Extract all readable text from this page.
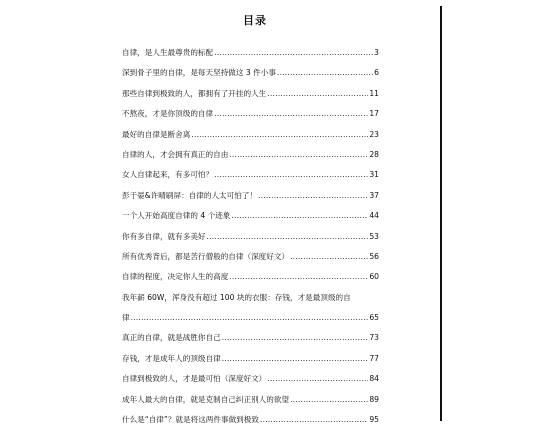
目录
自律，是人生最尊贵的标配 .....	3
深到骨子里的自律，是每天坚持做这 3 件小事 .....	6
那些自律到极致的人，都拥有了开挂的人生 .....	11
不熬夜，才是你顶级的自律 .....	17
最好的自律是断舍离 .....	23
自律的人，才会拥有真正的自由 .....	28
女人自律起来，有多可怕？ .....	31
彭于晏&许晴刷屏：自律的人太可怕了！ .....	37
一个人开始高度自律的 4 个迹象 .....	44
你有多自律，就有多美好 .....	53
所有优秀背后，都是苦行僧般的自律（深度好文） .....	56
自律的程度，决定你人生的高度 .....	60
我年薪 60W，浑身没有超过 100 块的衣服：存钱，才是最顶级的自
律 .....	65
真正的自律，就是战胜你自己 .....	73
存钱，才是成年人的顶级自律 .....	77
自律到极致的人，才是最可怕（深度好文） .....	84
成年人最大的自律，就是克制自己纠正别人的欲望 .....	89
什么是“自律”？就是将这两件事做到极致 .....	95
